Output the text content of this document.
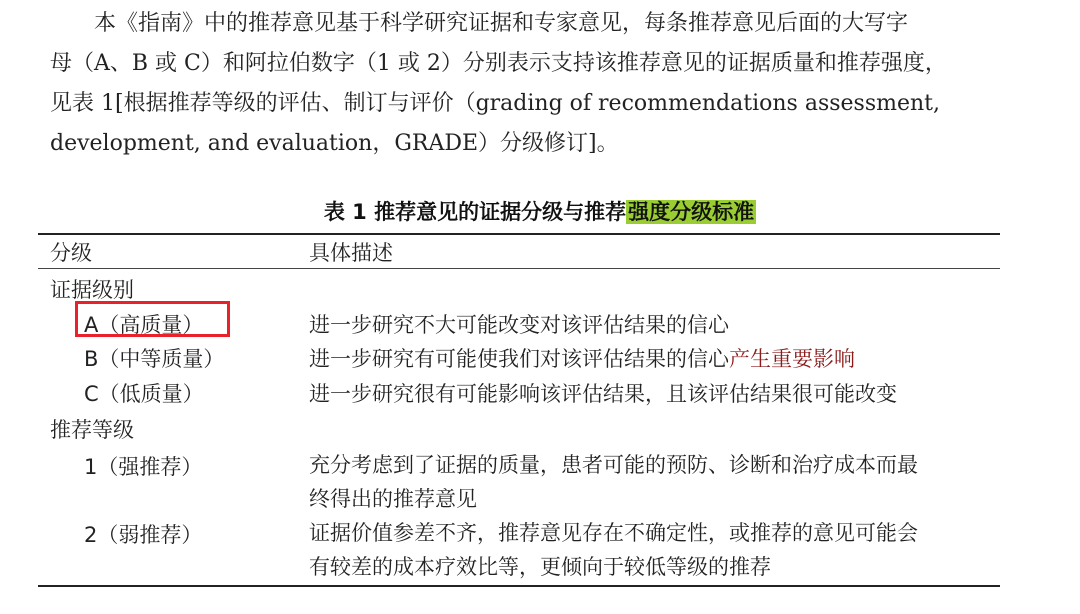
本《指南》中的推荐意见基于科学研究证据和专家意见，每条推荐意见后面的大写字
母（A、B 或 C）和阿拉伯数字（1 或 2）分别表示支持该推荐意见的证据质量和推荐强度，
见表 1[根据推荐等级的评估、制订与评价（grading of recommendations assessment,
development, and evaluation，GRADE）分级修订]。
表 1 推荐意见的证据分级与推荐强度分级标准
分级	具体描述
证据级别
A（高质量）	进一步研究不大可能改变对该评估结果的信心
B（中等质量）	进一步研究有可能使我们对该评估结果的信心产生重要影响
C（低质量）	进一步研究很有可能影响该评估结果，且该评估结果很可能改变
推荐等级
1（强推荐）	充分考虑到了证据的质量，患者可能的预防、诊断和治疗成本而最
终得出的推荐意见
2（弱推荐）	证据价值参差不齐，推荐意见存在不确定性，或推荐的意见可能会
有较差的成本疗效比等，更倾向于较低等级的推荐
